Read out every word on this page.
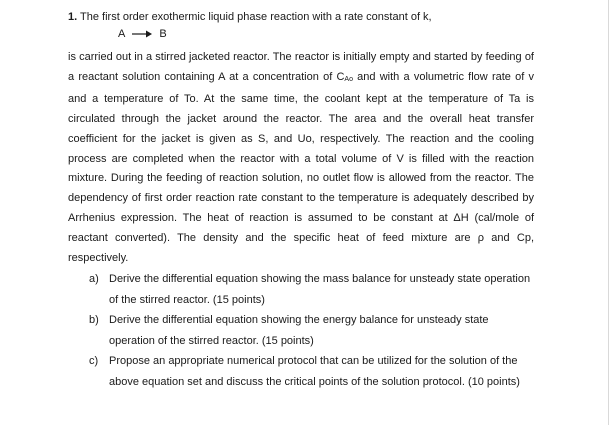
1. The first order exothermic liquid phase reaction with a rate constant of k,
A	B
is carried out in a stirred jacketed reactor. The reactor is initially empty and started by feeding of a reactant solution containing A at a concentration of CAo and with a volumetric flow rate of v and a temperature of To. At the same time, the coolant kept at the temperature of Ta is circulated through the jacket around the reactor. The area and the overall heat transfer coefficient for the jacket is given as S, and Uo, respectively. The reaction and the cooling process are completed when the reactor with a total volume of V is filled with the reaction mixture. During the feeding of reaction solution, no outlet flow is allowed from the reactor. The dependency of first order reaction rate constant to the temperature is adequately described by Arrhenius expression. The heat of reaction is assumed to be constant at ΔH (cal/mole of reactant converted). The density and the specific heat of feed mixture are ρ and Cp, respectively.
a) Derive the differential equation showing the mass balance for unsteady state operation of the stirred reactor. (15 points)
b) Derive the differential equation showing the energy balance for unsteady state operation of the stirred reactor. (15 points)
c) Propose an appropriate numerical protocol that can be utilized for the solution of the above equation set and discuss the critical points of the solution protocol. (10 points)
